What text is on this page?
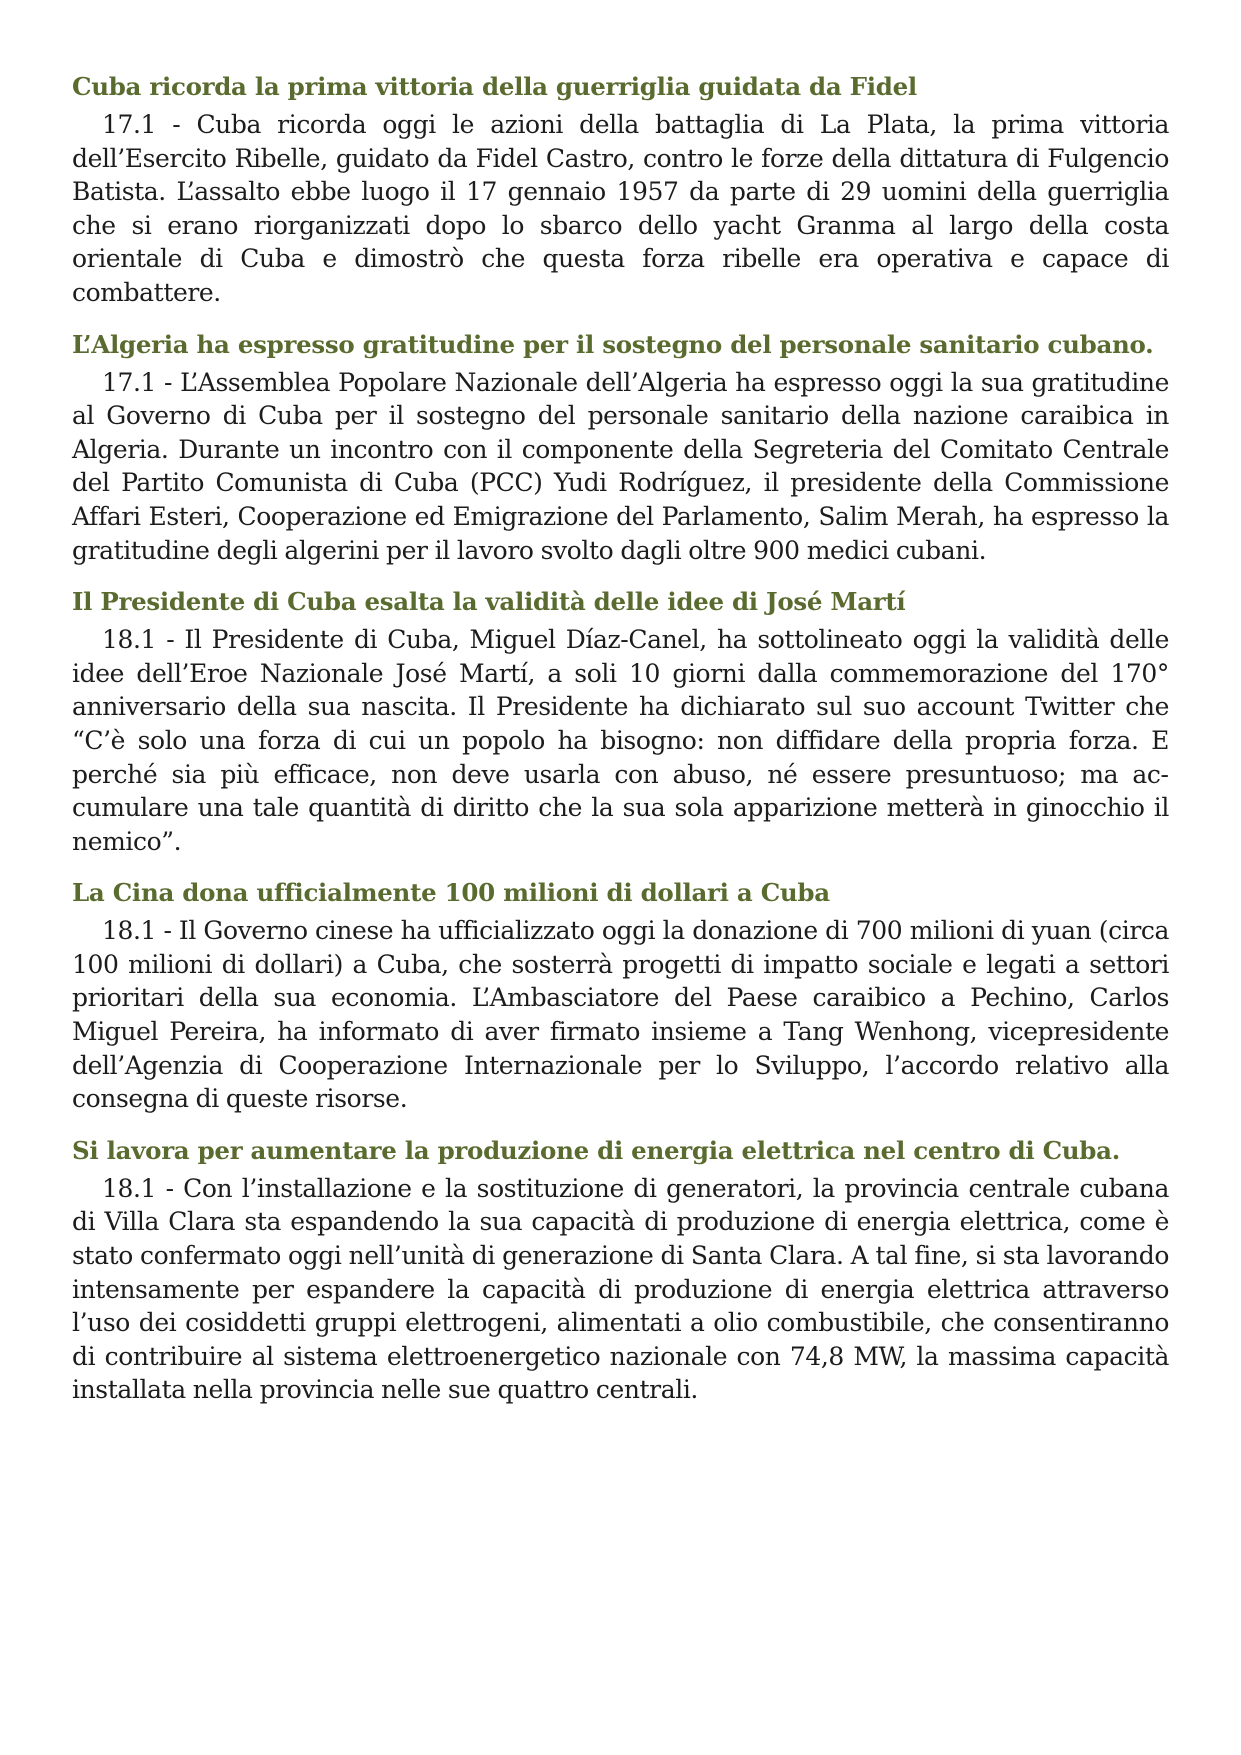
Cuba ricorda la prima vittoria della guerriglia guidata da Fidel

17.1 - Cuba ricorda oggi le azioni della battaglia di La Plata, la prima vittoria dell’Esercito Ribelle, guidato da Fidel Castro, contro le forze della dittatura di Fulgencio Batista. L’assalto ebbe luogo il 17 gennaio 1957 da parte di 29 uomini della guerriglia che si erano riorganizzati dopo lo sbarco dello yacht Granma al largo della costa orientale di Cuba e dimostrò che questa forza ribelle era operativa e capace di combattere.

L’Algeria ha espresso gratitudine per il sostegno del personale sanitario cubano.

17.1 - L’Assemblea Popolare Nazionale dell’Algeria ha espresso oggi la sua gratitudine al Governo di Cuba per il sostegno del personale sanitario della nazione caraibica in Algeria. Durante un incontro con il componente della Segreteria del Comitato Centrale del Partito Comunista di Cuba (PCC) Yudi Rodríguez, il presidente della Commissione Affari Esteri, Cooperazione ed Emigrazione del Parlamento, Salim Merah, ha espresso la gratitudine degli algerini per il lavoro svolto dagli oltre 900 medici cubani.

Il Presidente di Cuba esalta la validità delle idee di José Martí

18.1 - Il Presidente di Cuba, Miguel Díaz-Canel, ha sottolineato oggi la validità delle idee dell’Eroe Nazionale José Martí, a soli 10 giorni dalla commemorazione del 170° anniversario della sua nascita. Il Presidente ha dichiarato sul suo account Twitter che “C’è solo una forza di cui un popolo ha bisogno: non diffidare della propria forza. E perché sia più efficace, non deve usarla con abuso, né essere presuntuoso; ma accumulare una tale quantità di diritto che la sua sola apparizione metterà in ginocchio il nemico”.

La Cina dona ufficialmente 100 milioni di dollari a Cuba

18.1 - Il Governo cinese ha ufficializzato oggi la donazione di 700 milioni di yuan (circa 100 milioni di dollari) a Cuba, che sosterrà progetti di impatto sociale e legati a settori prioritari della sua economia. L’Ambasciatore del Paese caraibico a Pechino, Carlos Miguel Pereira, ha informato di aver firmato insieme a Tang Wenhong, vicepresidente dell’Agenzia di Cooperazione Internazionale per lo Sviluppo, l’accordo relativo alla consegna di queste risorse.

Si lavora per aumentare la produzione di energia elettrica nel centro di Cuba.

18.1 - Con l’installazione e la sostituzione di generatori, la provincia centrale cubana di Villa Clara sta espandendo la sua capacità di produzione di energia elettrica, come è stato confermato oggi nell’unità di generazione di Santa Clara. A tal fine, si sta lavorando intensamente per espandere la capacità di produzione di energia elettrica attraverso l’uso dei cosiddetti gruppi elettrogeni, alimentati a olio combustibile, che consentiranno di contribuire al sistema elettroenergetico nazionale con 74,8 MW, la massima capacità installata nella provincia nelle sue quattro centrali.
